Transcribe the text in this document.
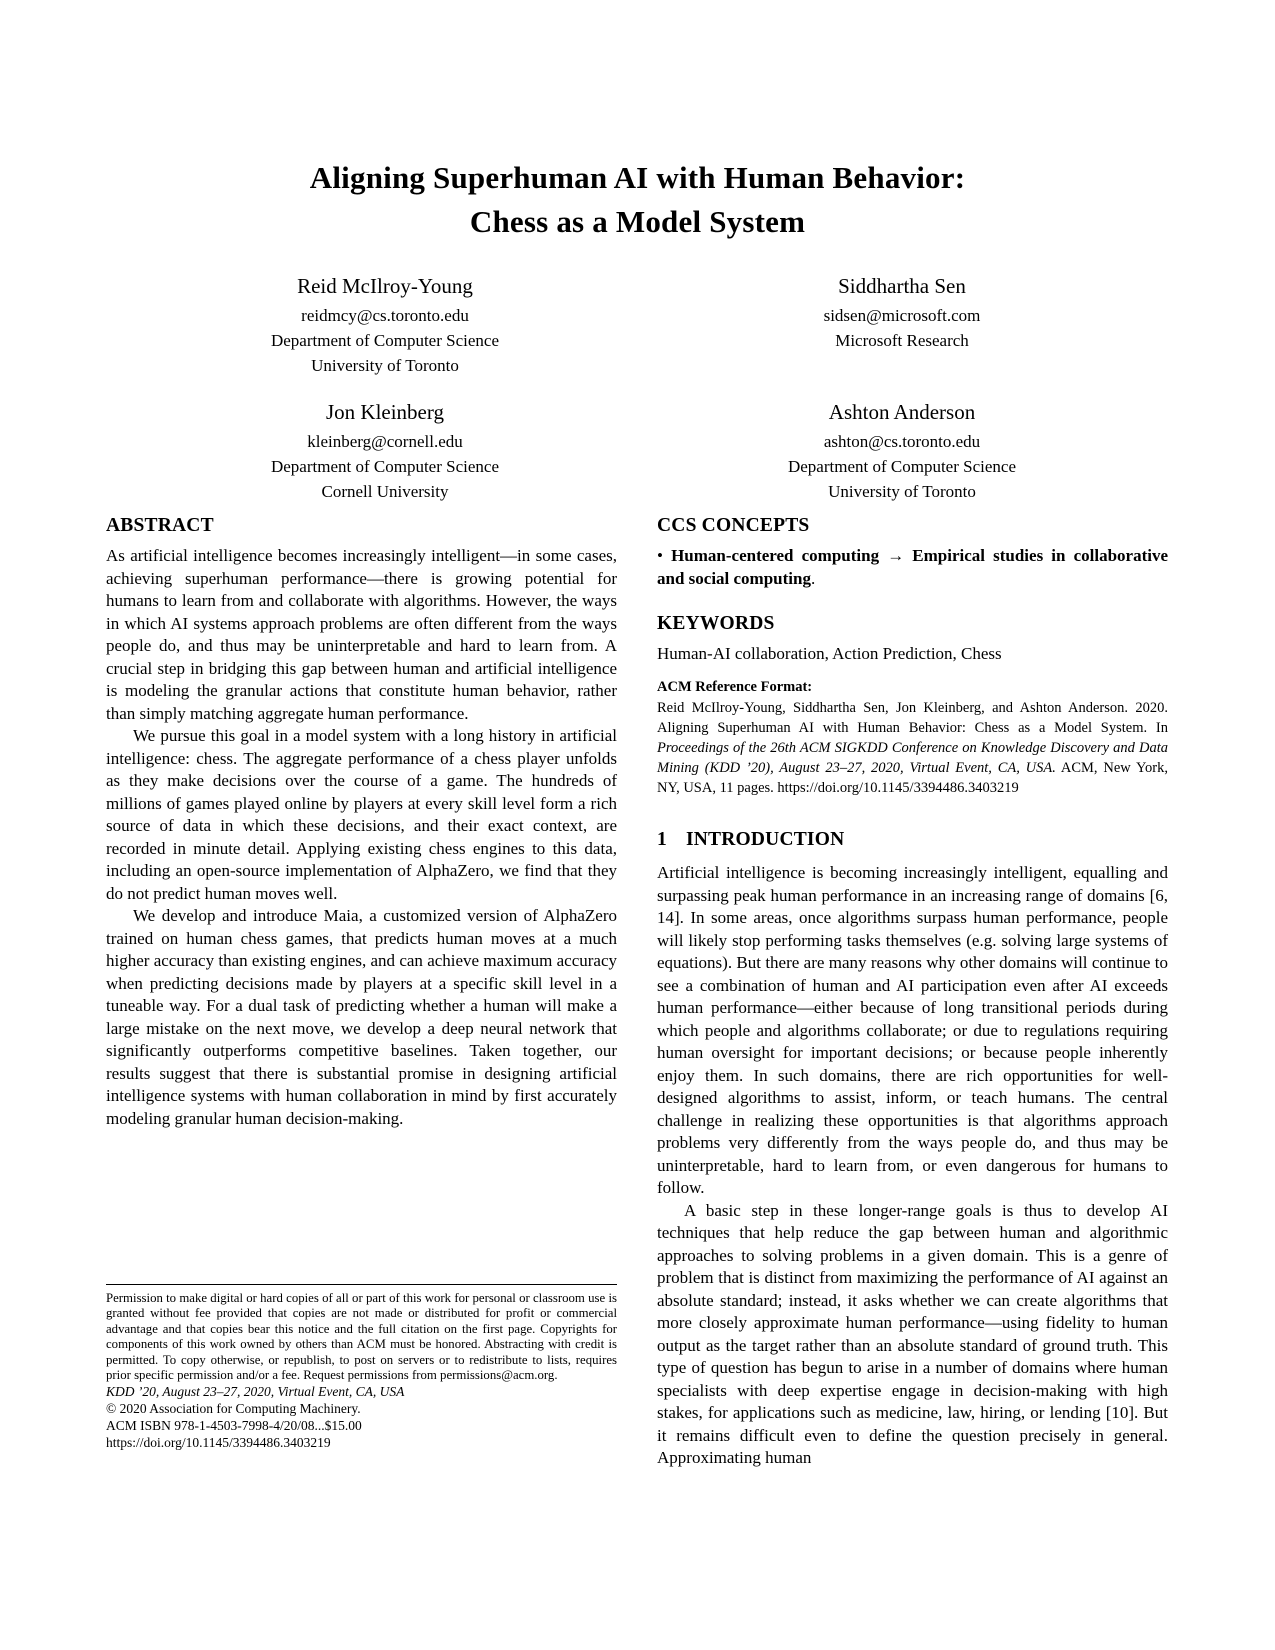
Aligning Superhuman AI with Human Behavior:
Chess as a Model System
Reid McIlroy-Young
reidmcy@cs.toronto.edu
Department of Computer Science
University of Toronto
Siddhartha Sen
sidsen@microsoft.com
Microsoft Research
Jon Kleinberg
kleinberg@cornell.edu
Department of Computer Science
Cornell University
Ashton Anderson
ashton@cs.toronto.edu
Department of Computer Science
University of Toronto
ABSTRACT

As artificial intelligence becomes increasingly intelligent—in some cases, achieving superhuman performance—there is growing potential for humans to learn from and collaborate with algorithms. However, the ways in which AI systems approach problems are often different from the ways people do, and thus may be uninterpretable and hard to learn from. A crucial step in bridging this gap between human and artificial intelligence is modeling the granular actions that constitute human behavior, rather than simply matching aggregate human performance.

We pursue this goal in a model system with a long history in artificial intelligence: chess. The aggregate performance of a chess player unfolds as they make decisions over the course of a game. The hundreds of millions of games played online by players at every skill level form a rich source of data in which these decisions, and their exact context, are recorded in minute detail. Applying existing chess engines to this data, including an open-source implementation of AlphaZero, we find that they do not predict human moves well.

We develop and introduce Maia, a customized version of AlphaZero trained on human chess games, that predicts human moves at a much higher accuracy than existing engines, and can achieve maximum accuracy when predicting decisions made by players at a specific skill level in a tuneable way. For a dual task of predicting whether a human will make a large mistake on the next move, we develop a deep neural network that significantly outperforms competitive baselines. Taken together, our results suggest that there is substantial promise in designing artificial intelligence systems with human collaboration in mind by first accurately modeling granular human decision-making.

Permission to make digital or hard copies of all or part of this work for personal or classroom use is granted without fee provided that copies are not made or distributed for profit or commercial advantage and that copies bear this notice and the full citation on the first page. Copyrights for components of this work owned by others than ACM must be honored. Abstracting with credit is permitted. To copy otherwise, or republish, to post on servers or to redistribute to lists, requires prior specific permission and/or a fee. Request permissions from permissions@acm.org.

KDD ’20, August 23–27, 2020, Virtual Event, CA, USA
© 2020 Association for Computing Machinery.
ACM ISBN 978-1-4503-7998-4/20/08...$15.00
https://doi.org/10.1145/3394486.3403219
CCS CONCEPTS

• Human-centered computing → Empirical studies in collaborative and social computing.

KEYWORDS

Human-AI collaboration, Action Prediction, Chess

ACM Reference Format:

Reid McIlroy-Young, Siddhartha Sen, Jon Kleinberg, and Ashton Anderson. 2020. Aligning Superhuman AI with Human Behavior: Chess as a Model System. In Proceedings of the 26th ACM SIGKDD Conference on Knowledge Discovery and Data Mining (KDD ’20), August 23–27, 2020, Virtual Event, CA, USA. ACM, New York, NY, USA, 11 pages. https://doi.org/10.1145/3394486.3403219

1 INTRODUCTION

Artificial intelligence is becoming increasingly intelligent, equalling and surpassing peak human performance in an increasing range of domains [6, 14]. In some areas, once algorithms surpass human performance, people will likely stop performing tasks themselves (e.g. solving large systems of equations). But there are many reasons why other domains will continue to see a combination of human and AI participation even after AI exceeds human performance—either because of long transitional periods during which people and algorithms collaborate; or due to regulations requiring human oversight for important decisions; or because people inherently enjoy them. In such domains, there are rich opportunities for well-designed algorithms to assist, inform, or teach humans. The central challenge in realizing these opportunities is that algorithms approach problems very differently from the ways people do, and thus may be uninterpretable, hard to learn from, or even dangerous for humans to follow.

A basic step in these longer-range goals is thus to develop AI techniques that help reduce the gap between human and algorithmic approaches to solving problems in a given domain. This is a genre of problem that is distinct from maximizing the performance of AI against an absolute standard; instead, it asks whether we can create algorithms that more closely approximate human performance—using fidelity to human output as the target rather than an absolute standard of ground truth. This type of question has begun to arise in a number of domains where human specialists with deep expertise engage in decision-making with high stakes, for applications such as medicine, law, hiring, or lending [10]. But it remains difficult even to define the question precisely in general. Approximating human
